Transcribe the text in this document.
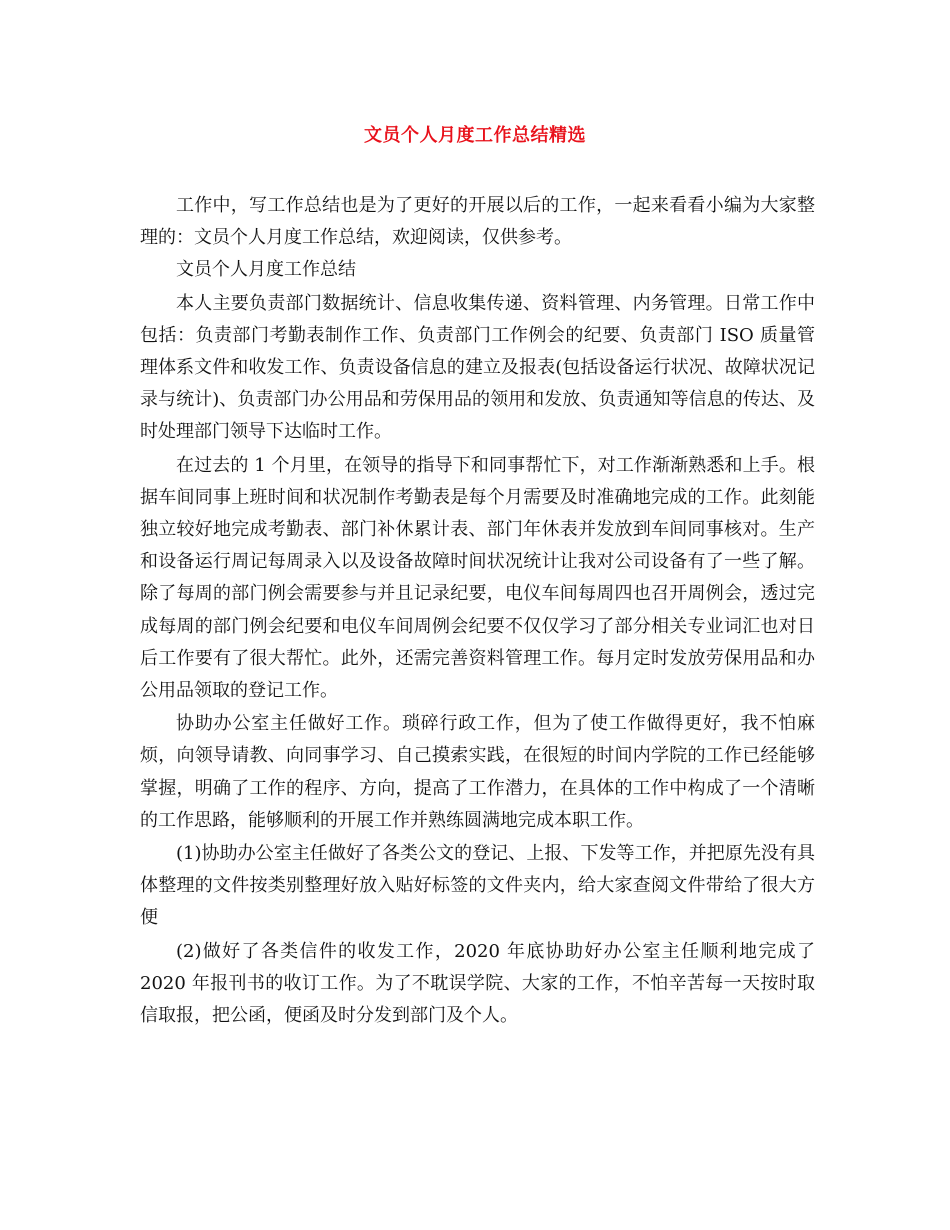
文员个人月度工作总结精选

工作中，写工作总结也是为了更好的开展以后的工作，一起来看看小编为大家整理的：文员个人月度工作总结，欢迎阅读，仅供参考。

文员个人月度工作总结

本人主要负责部门数据统计、信息收集传递、资料管理、内务管理。日常工作中包括：负责部门考勤表制作工作、负责部门工作例会的纪要、负责部门 ISO 质量管理体系文件和收发工作、负责设备信息的建立及报表(包括设备运行状况、故障状况记录与统计)、负责部门办公用品和劳保用品的领用和发放、负责通知等信息的传达、及时处理部门领导下达临时工作。

在过去的 1 个月里，在领导的指导下和同事帮忙下，对工作渐渐熟悉和上手。根据车间同事上班时间和状况制作考勤表是每个月需要及时准确地完成的工作。此刻能独立较好地完成考勤表、部门补休累计表、部门年休表并发放到车间同事核对。生产和设备运行周记每周录入以及设备故障时间状况统计让我对公司设备有了一些了解。除了每周的部门例会需要参与并且记录纪要，电仪车间每周四也召开周例会，透过完成每周的部门例会纪要和电仪车间周例会纪要不仅仅学习了部分相关专业词汇也对日后工作要有了很大帮忙。此外，还需完善资料管理工作。每月定时发放劳保用品和办公用品领取的登记工作。

协助办公室主任做好工作。琐碎行政工作，但为了使工作做得更好，我不怕麻烦，向领导请教、向同事学习、自己摸索实践，在很短的时间内学院的工作已经能够掌握，明确了工作的程序、方向，提高了工作潜力，在具体的工作中构成了一个清晰的工作思路，能够顺利的开展工作并熟练圆满地完成本职工作。

(1)协助办公室主任做好了各类公文的登记、上报、下发等工作，并把原先没有具体整理的文件按类别整理好放入贴好标签的文件夹内，给大家查阅文件带给了很大方便

(2)做好了各类信件的收发工作，2020 年底协助好办公室主任顺利地完成了 2020 年报刊书的收订工作。为了不耽误学院、大家的工作，不怕辛苦每一天按时取信取报，把公函，便函及时分发到部门及个人。
